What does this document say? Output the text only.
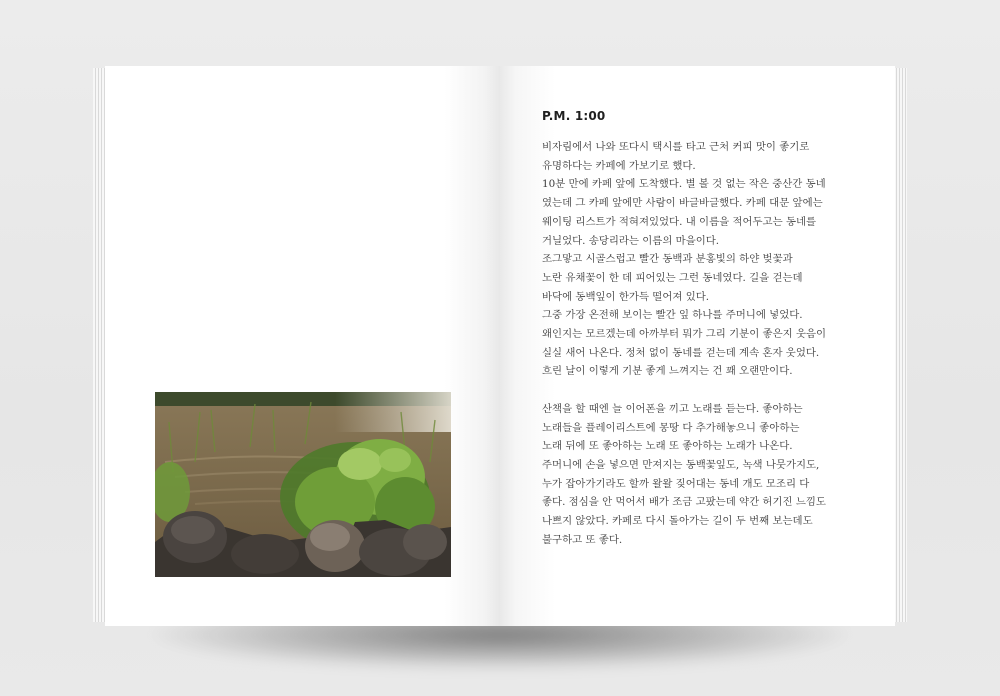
P.M. 1:00
비자림에서 나와 또다시 택시를 타고 근처 커피 맛이 좋기로
유명하다는 카페에 가보기로 했다.
10분 만에 카페 앞에 도착했다. 별 볼 것 없는 작은 중산간 동네
였는데 그 카페 앞에만 사람이 바글바글했다. 카페 대문 앞에는
웨이팅 리스트가 적혀져있었다. 내 이름을 적어두고는 동네를
거닐었다. 송당리라는 이름의 마을이다.
조그맣고 시골스럽고 빨간 동백과 분홍빛의 하얀 벚꽃과
노란 유채꽃이 한 데 피어있는 그런 동네였다. 길을 걷는데
바닥에 동백잎이 한가득 떨어져 있다.
그중 가장 온전해 보이는 빨간 잎 하나를 주머니에 넣었다.
왜인지는 모르겠는데 아까부터 뭐가 그리 기분이 좋은지 웃음이
실실 새어 나온다. 정처 없이 동네를 걷는데 계속 혼자 웃었다.
흐린 날이 이렇게 기분 좋게 느껴지는 건 꽤 오랜만이다.
산책을 할 때엔 늘 이어폰을 끼고 노래를 듣는다. 좋아하는
노래들을 플레이리스트에 몽땅 다 추가해놓으니 좋아하는
노래 뒤에 또 좋아하는 노래 또 좋아하는 노래가 나온다.
주머니에 손을 넣으면 만져지는 동백꽃잎도, 녹색 나뭇가지도,
누가 잡아가기라도 할까 왈왈 짖어대는 동네 개도 모조리 다
좋다. 점심을 안 먹어서 배가 조금 고팠는데 약간 허기진 느낌도
나쁘지 않았다. 카페로 다시 돌아가는 길이 두 번째 보는데도
불구하고 또 좋다.
